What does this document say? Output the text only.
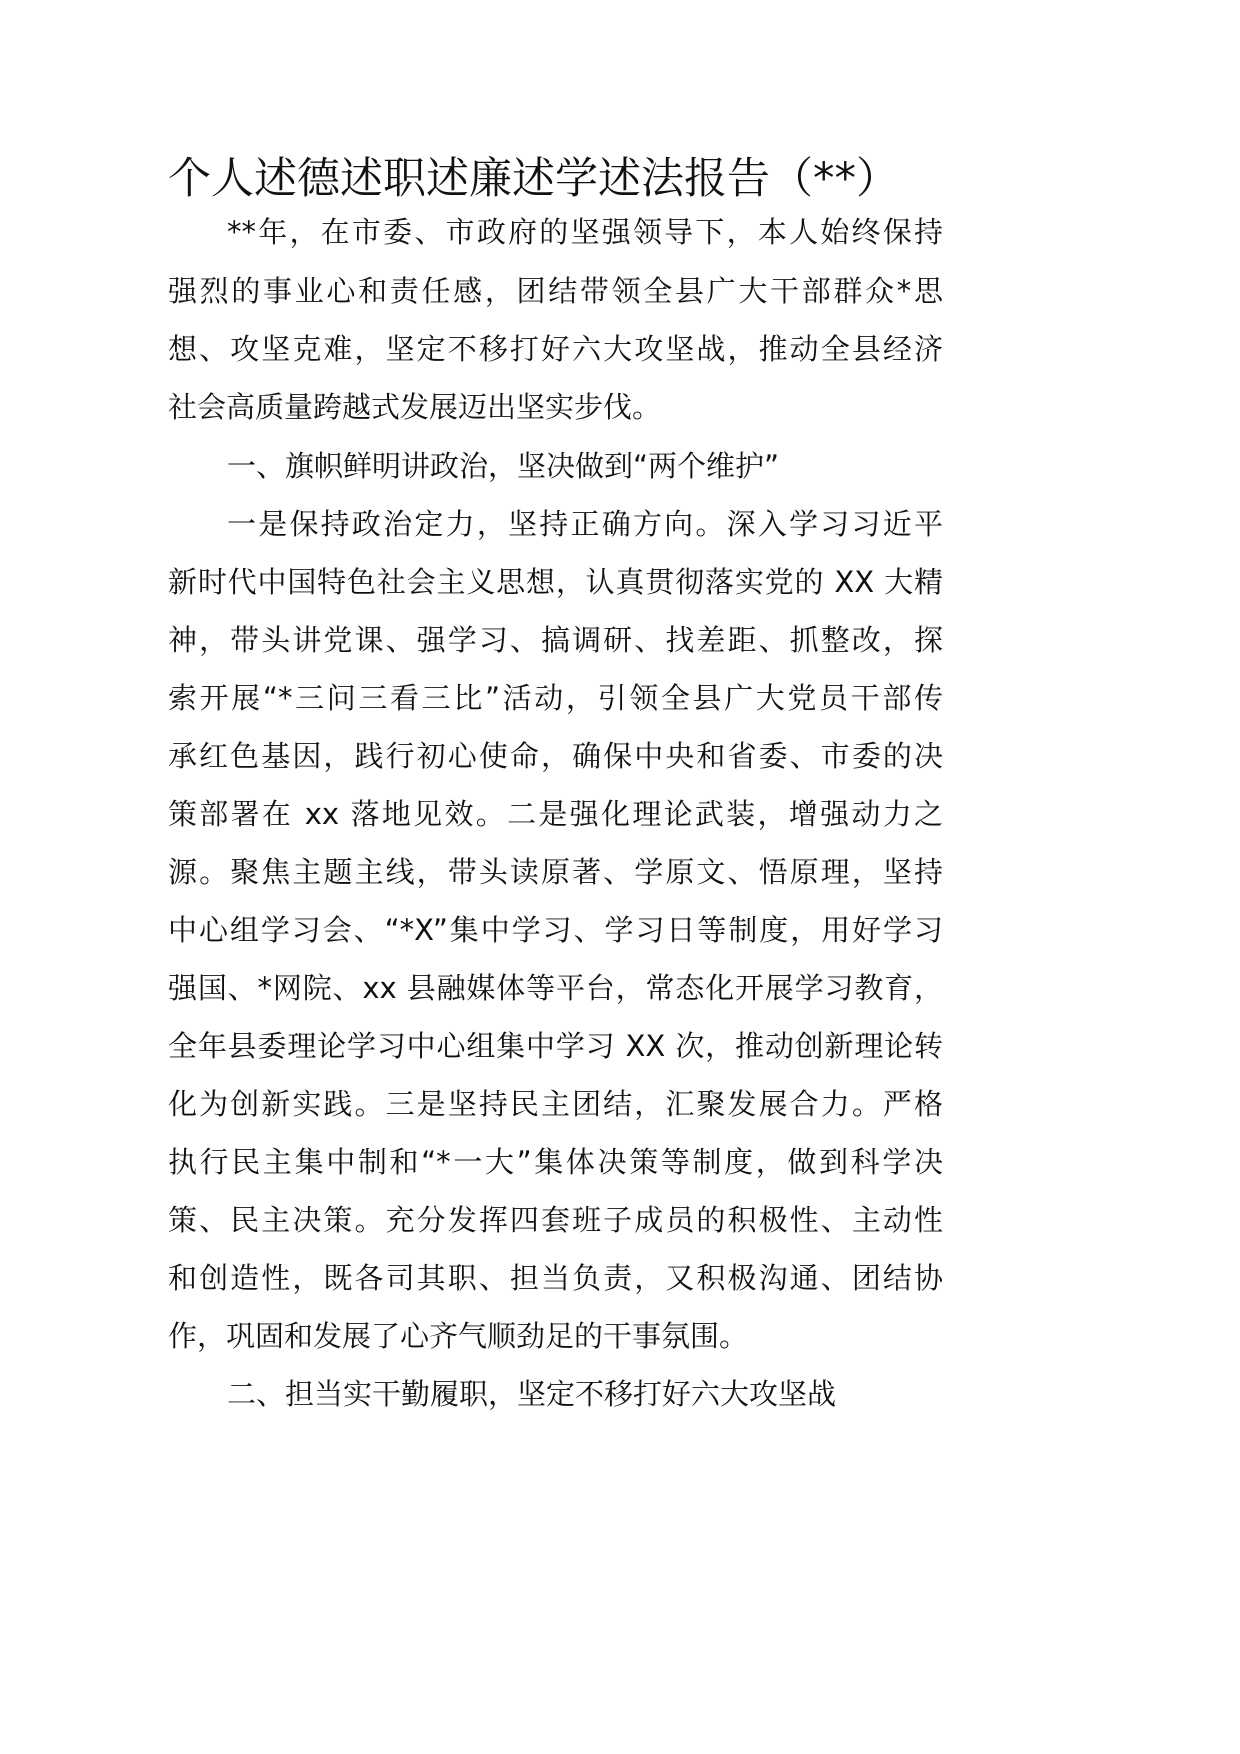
个人述德述职述廉述学述法报告（**）
**年，在市委、市政府的坚强领导下，本人始终保持
强烈的事业心和责任感，团结带领全县广大干部群众*思
想、攻坚克难，坚定不移打好六大攻坚战，推动全县经济
社会高质量跨越式发展迈出坚实步伐。
一、旗帜鲜明讲政治，坚决做到“两个维护”
一是保持政治定力，坚持正确方向。深入学习习近平
新时代中国特色社会主义思想，认真贯彻落实党的 XX 大精
神，带头讲党课、强学习、搞调研、找差距、抓整改，探
索开展“*三问三看三比”活动，引领全县广大党员干部传
承红色基因，践行初心使命，确保中央和省委、市委的决
策部署在 xx 落地见效。二是强化理论武装，增强动力之
源。聚焦主题主线，带头读原著、学原文、悟原理，坚持
中心组学习会、“*X”集中学习、学习日等制度，用好学习
强国、*网院、xx 县融媒体等平台，常态化开展学习教育，
全年县委理论学习中心组集中学习 XX 次，推动创新理论转
化为创新实践。三是坚持民主团结，汇聚发展合力。严格
执行民主集中制和“*一大”集体决策等制度，做到科学决
策、民主决策。充分发挥四套班子成员的积极性、主动性
和创造性，既各司其职、担当负责，又积极沟通、团结协
作，巩固和发展了心齐气顺劲足的干事氛围。
二、担当实干勤履职，坚定不移打好六大攻坚战
